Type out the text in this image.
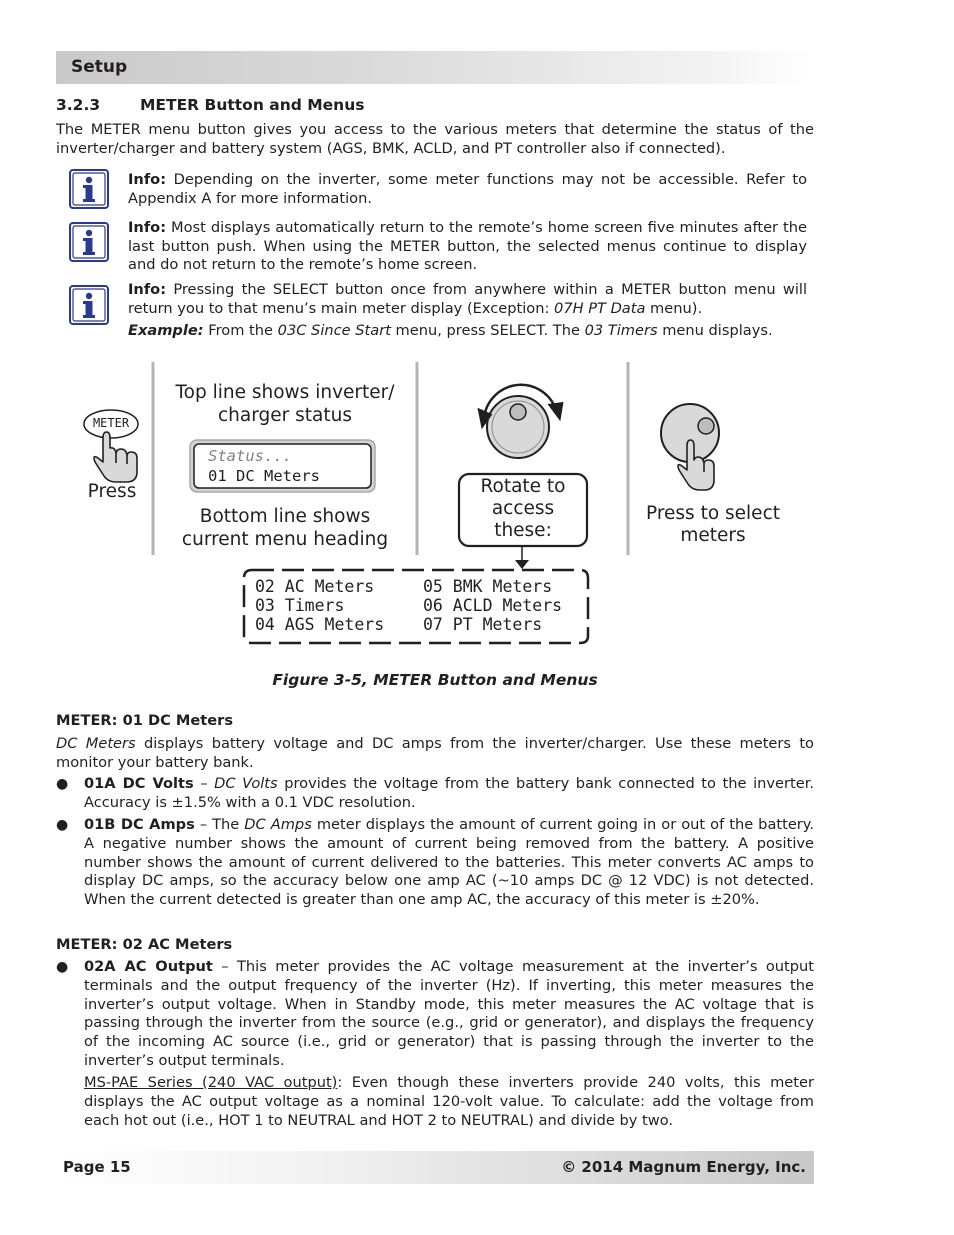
Setup
3.2.3	METER Button and Menus
The METER menu button gives you access to the various meters that determine the status of the inverter/charger and battery system (AGS, BMK, ACLD, and PT controller also if connected).
Info: Depending on the inverter, some meter functions may not be accessible. Refer to Appendix A for more information.
Info: Most displays automatically return to the remote’s home screen five minutes after the last button push. When using the METER button, the selected menus continue to display and do not return to the remote’s home screen.
Info: Pressing the SELECT button once from anywhere within a METER button menu will return you to that menu’s main meter display (Exception: 07H PT Data menu).
Example: From the 03C Since Start menu, press SELECT. The 03 Timers menu displays.
METER
Press
Top line shows inverter/
charger status
Status...
01 DC Meters
Bottom line shows
current menu heading
Rotate to
access
these:
Press to select
meters
02 AC Meters
03 Timers
04 AGS Meters
05 BMK Meters
06 ACLD Meters
07 PT Meters
Figure 3-5, METER Button and Menus
METER: 01 DC Meters
DC Meters displays battery voltage and DC amps from the inverter/charger. Use these meters to monitor your battery bank.
● 01A DC Volts – DC Volts provides the voltage from the battery bank connected to the inverter. Accuracy is ±1.5% with a 0.1 VDC resolution.
● 01B DC Amps – The DC Amps meter displays the amount of current going in or out of the battery. A negative number shows the amount of current being removed from the battery. A positive number shows the amount of current delivered to the batteries. This meter converts AC amps to display DC amps, so the accuracy below one amp AC (~10 amps DC @ 12 VDC) is not detected. When the current detected is greater than one amp AC, the accuracy of this meter is ±20%.
METER: 02 AC Meters
● 02A AC Output – This meter provides the AC voltage measurement at the inverter’s output terminals and the output frequency of the inverter (Hz). If inverting, this meter measures the inverter’s output voltage. When in Standby mode, this meter measures the AC voltage that is passing through the inverter from the source (e.g., grid or generator), and displays the frequency of the incoming AC source (i.e., grid or generator) that is passing through the inverter to the inverter’s output terminals.
MS-PAE Series (240 VAC output): Even though these inverters provide 240 volts, this meter displays the AC output voltage as a nominal 120-volt value. To calculate: add the voltage from each hot out (i.e., HOT 1 to NEUTRAL and HOT 2 to NEUTRAL) and divide by two.
Page 15	© 2014 Magnum Energy, Inc.
